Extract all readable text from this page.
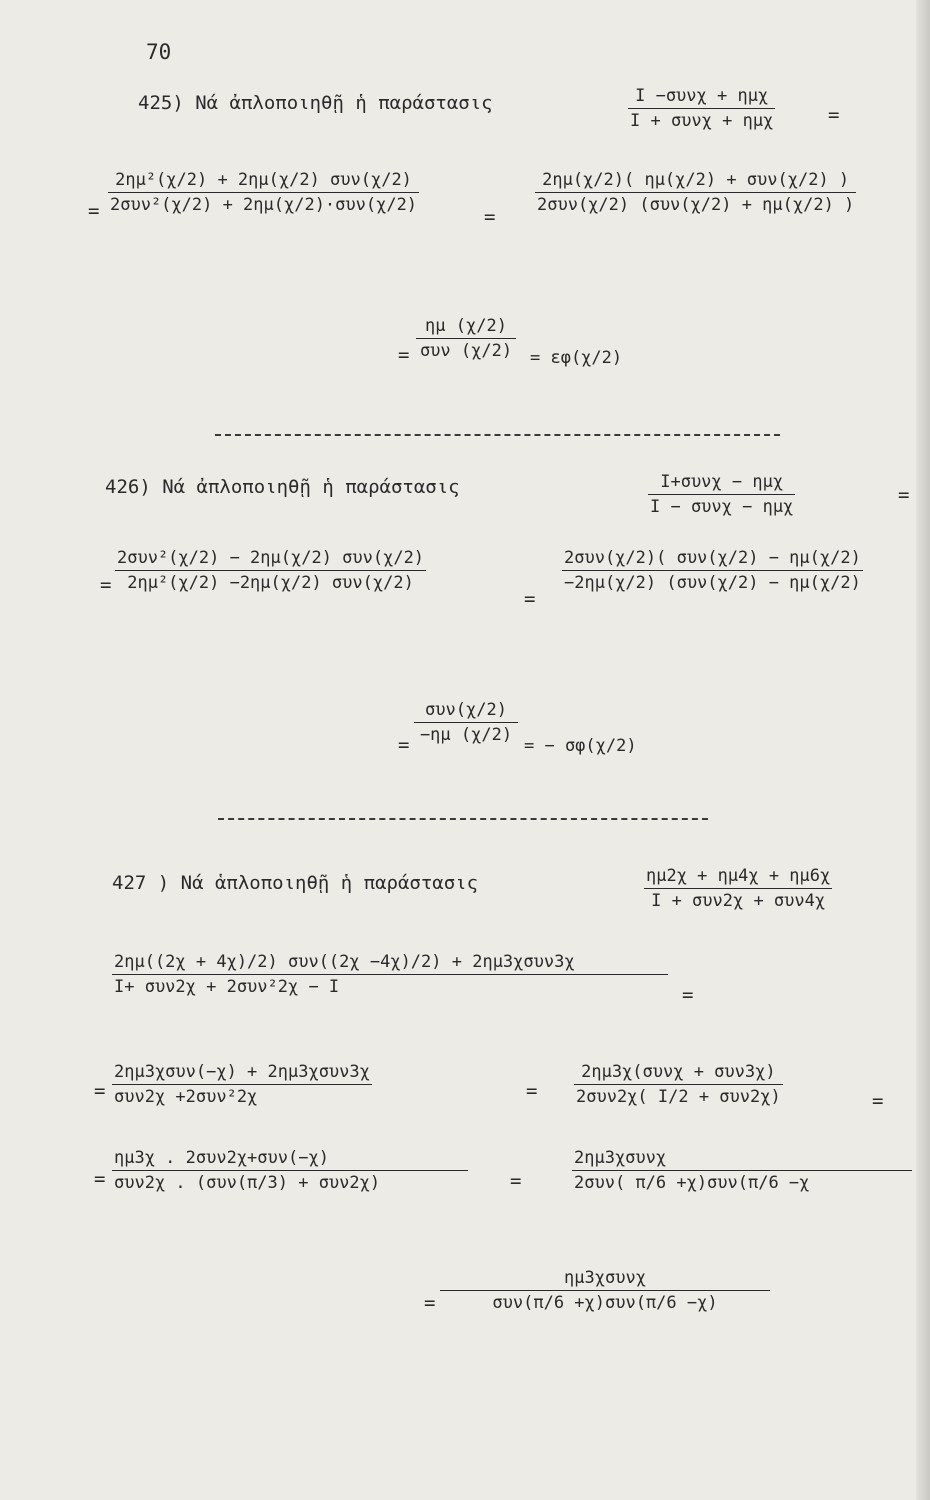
70
425) Νά ἀπλοποιηθῇ ἡ παράστασις	I −συνχ + ημχ
I + συνχ + ημχ	=
=
2ημ²(χ/2) + 2ημ(χ/2) συν(χ/2)
2συν²(χ/2) + 2ημ(χ/2)·συν(χ/2)
=
2ημ(χ/2)( ημ(χ/2) + συν(χ/2) )
2συν(χ/2) (συν(χ/2) + ημ(χ/2) )
=
ημ (χ/2)
συν (χ/2) = εφ(χ/2)
426) Νά ἀπλοποιηθῇ ἡ παράστασις	I+συνχ − ημχ
I − συνχ − ημχ
=
=
2συν²(χ/2) − 2ημ(χ/2) συν(χ/2)
2ημ²(χ/2) −2ημ(χ/2) συν(χ/2)
=
2συν(χ/2)( συν(χ/2) − ημ(χ/2)
−2ημ(χ/2) (συν(χ/2) − ημ(χ/2)
=
συν(χ/2)
−ημ (χ/2)
= − σφ(χ/2)
427 ) Νά ἁπλοποιηθῇ ἡ παράστασις	ημ2χ + ημ4χ + ημ6χ
I + συν2χ + συν4χ
2ημ((2χ + 4χ)/2) συν((2χ −4χ)/2) + 2ημ3χσυν3χ
I+ συν2χ + 2συν²2χ − I	=
=
2ημ3χσυν(−χ) + 2ημ3χσυν3χ
συν2χ +2συν²2χ	=
2ημ3χ(συνχ + συν3χ)
2συν2χ( I/2 + συν2χ)	=
=
ημ3χ . 2συν2χ+συν(−χ)
συν2χ . (συν(π/3) + συν2χ)	=
2ημ3χσυνχ
2συν( π/6 +χ)συν(π/6 −χ
=
ημ3χσυνχ
συν(π/6 +χ)συν(π/6 −χ)
